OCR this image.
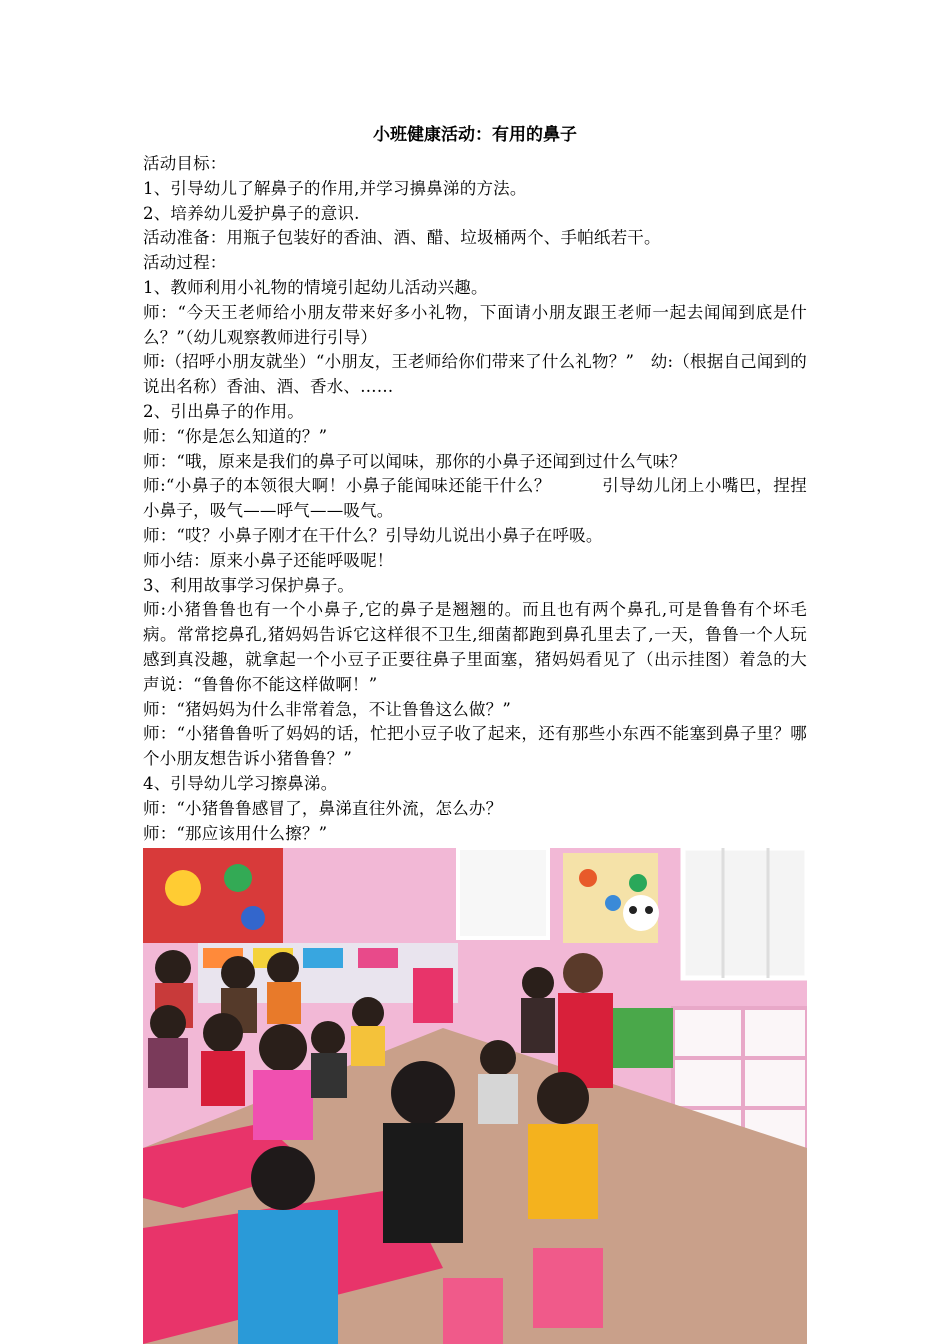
小班健康活动：有用的鼻子

活动目标：

1、引导幼儿了解鼻子的作用,并学习擤鼻涕的方法。

2、培养幼儿爱护鼻子的意识.

活动准备：用瓶子包装好的香油、酒、醋、垃圾桶两个、手帕纸若干。

活动过程：

1、教师利用小礼物的情境引起幼儿活动兴趣。

师：“今天王老师给小朋友带来好多小礼物，下面请小朋友跟王老师一起去闻闻到底是什么？”（幼儿观察教师进行引导）

师:（招呼小朋友就坐）“小朋友，王老师给你们带来了什么礼物？”　幼:（根据自己闻到的说出名称）香油、酒、香水、……

2、引出鼻子的作用。

师：“你是怎么知道的？”

师：“哦，原来是我们的鼻子可以闻味，那你的小鼻子还闻到过什么气味？

师:“小鼻子的本领很大啊！小鼻子能闻味还能干什么？　　　引导幼儿闭上小嘴巴，捏捏小鼻子，吸气——呼气——吸气。

师：“哎？小鼻子刚才在干什么？引导幼儿说出小鼻子在呼吸。

师小结：原来小鼻子还能呼吸呢！

3、利用故事学习保护鼻子。

师:小猪鲁鲁也有一个小鼻子,它的鼻子是翘翘的。而且也有两个鼻孔,可是鲁鲁有个坏毛病。常常挖鼻孔,猪妈妈告诉它这样很不卫生,细菌都跑到鼻孔里去了,一天，鲁鲁一个人玩感到真没趣，就拿起一个小豆子正要往鼻子里面塞，猪妈妈看见了（出示挂图）着急的大声说：“鲁鲁你不能这样做啊！”

师：“猪妈妈为什么非常着急，不让鲁鲁这么做？”

师：“小猪鲁鲁听了妈妈的话，忙把小豆子收了起来，还有那些小东西不能塞到鼻子里？哪个小朋友想告诉小猪鲁鲁？”

4、引导幼儿学习擦鼻涕。

师：“小猪鲁鲁感冒了，鼻涕直往外流，怎么办？

师：“那应该用什么擦？”
